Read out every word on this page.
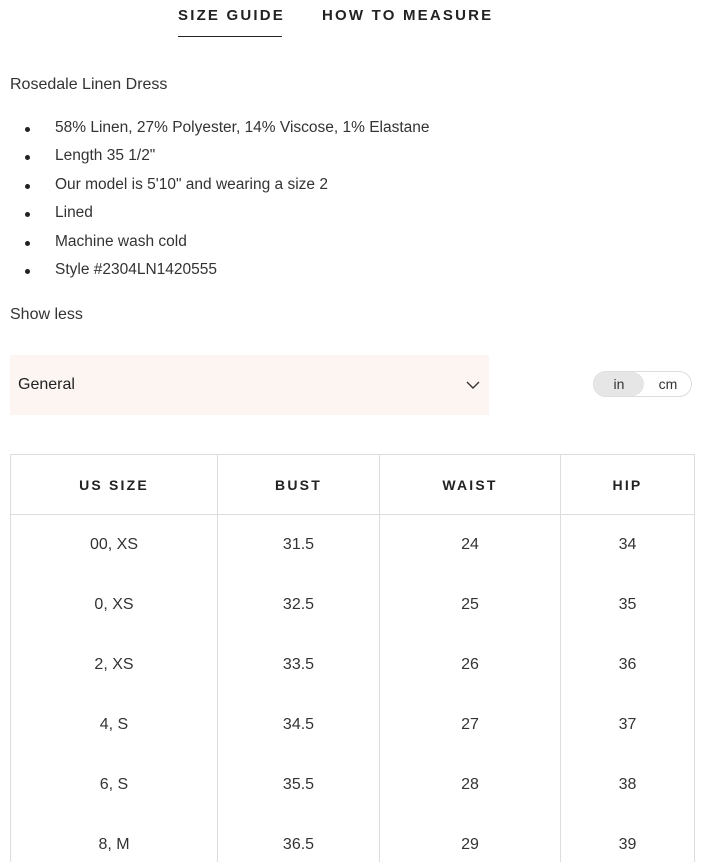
SIZE GUIDE HOW TO MEASURE
Rosedale Linen Dress
58% Linen, 27% Polyester, 14% Viscose, 1% Elastane
Length 35 1/2"
Our model is 5'10" and wearing a size 2
Lined
Machine wash cold
Style #2304LN1420555
Show less
General	in	cm
US SIZE	BUST	WAIST	HIP
00, XS	31.5	24	34
0, XS	32.5	25	35
2, XS	33.5	26	36
4, S	34.5	27	37
6, S	35.5	28	38
8, M	36.5	29	39
